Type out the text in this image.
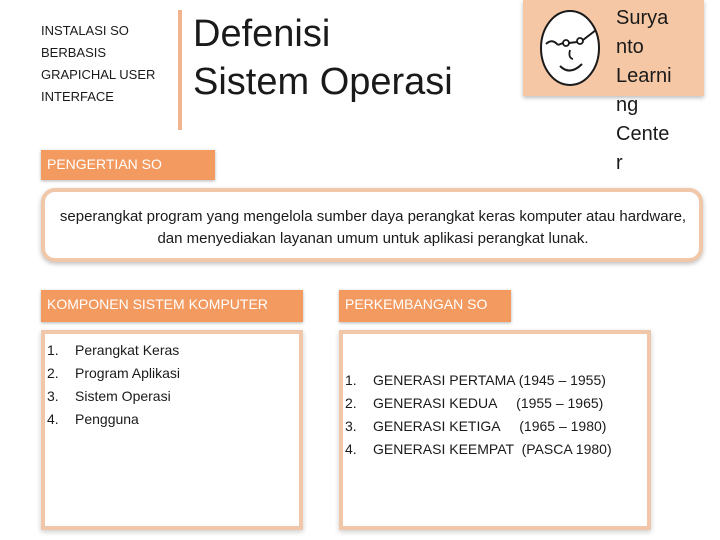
INSTALASI SO
BERBASIS
GRAPICHAL USER
INTERFACE
Defenisi
Sistem Operasi
Surya
nto
Learni
ng
Cente
r
PENGERTIAN SO
seperangkat program yang mengelola sumber daya perangkat keras komputer atau hardware, dan menyediakan layanan umum untuk aplikasi perangkat lunak.
KOMPONEN SISTEM KOMPUTER
1.	Perangkat Keras
2.	Program Aplikasi
3.	Sistem Operasi
4.	Pengguna
PERKEMBANGAN SO
1.	GENERASI PERTAMA (1945 – 1955)
2.	GENERASI KEDUA     (1955 – 1965)
3.	GENERASI KETIGA     (1965 – 1980)
4.	GENERASI KEEMPAT  (PASCA 1980)
